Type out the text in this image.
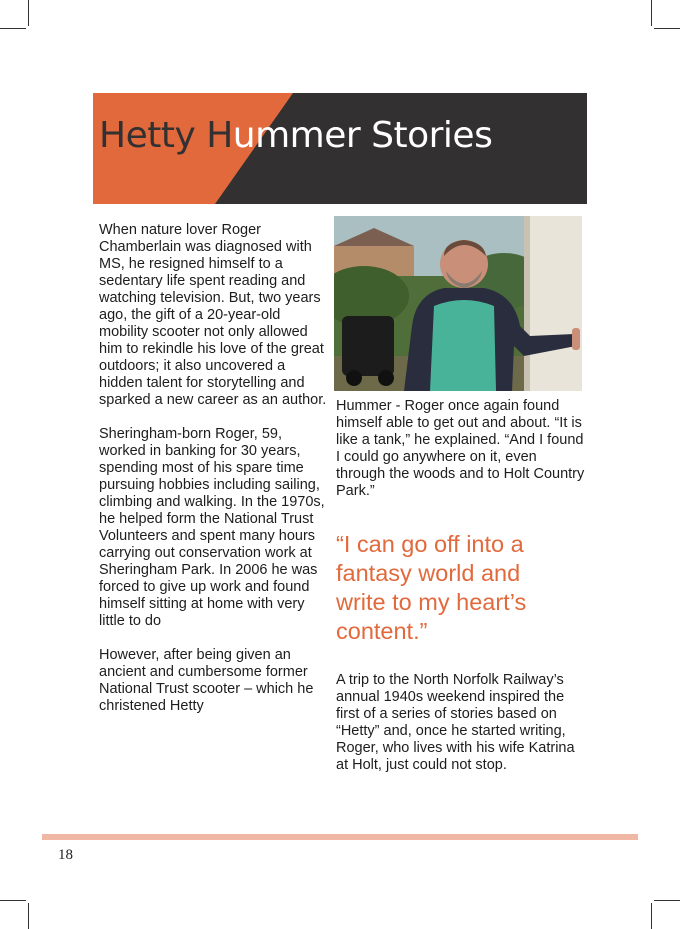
Hetty Hummer Stories

When nature lover Roger Chamberlain was diagnosed with MS, he resigned himself to a sedentary life spent reading and watching television. But, two years ago, the gift of a 20-year-old mobility scooter not only allowed him to rekindle his love of the great outdoors; it also uncovered a hidden talent for storytelling and sparked a new career as an author.

Sheringham-born Roger, 59, worked in banking for 30 years, spending most of his spare time pursuing hobbies including sailing, climbing and walking. In the 1970s, he helped form the National Trust Volunteers and spent many hours carrying out conservation work at Sheringham Park. In 2006 he was forced to give up work and found himself sitting at home with very little to do

However, after being given an ancient and cumbersome former National Trust scooter – which he christened Hetty

Hummer - Roger once again found himself able to get out and about. “It is like a tank,” he explained. “And I found I could go anywhere on it, even through the woods and to Holt Country Park.”

“I can go off into a fantasy world and write to my heart’s content.”

A trip to the North Norfolk Railway’s annual 1940s weekend inspired the first of a series of stories based on “Hetty” and, once he started writing, Roger, who lives with his wife Katrina at Holt, just could not stop.

18
